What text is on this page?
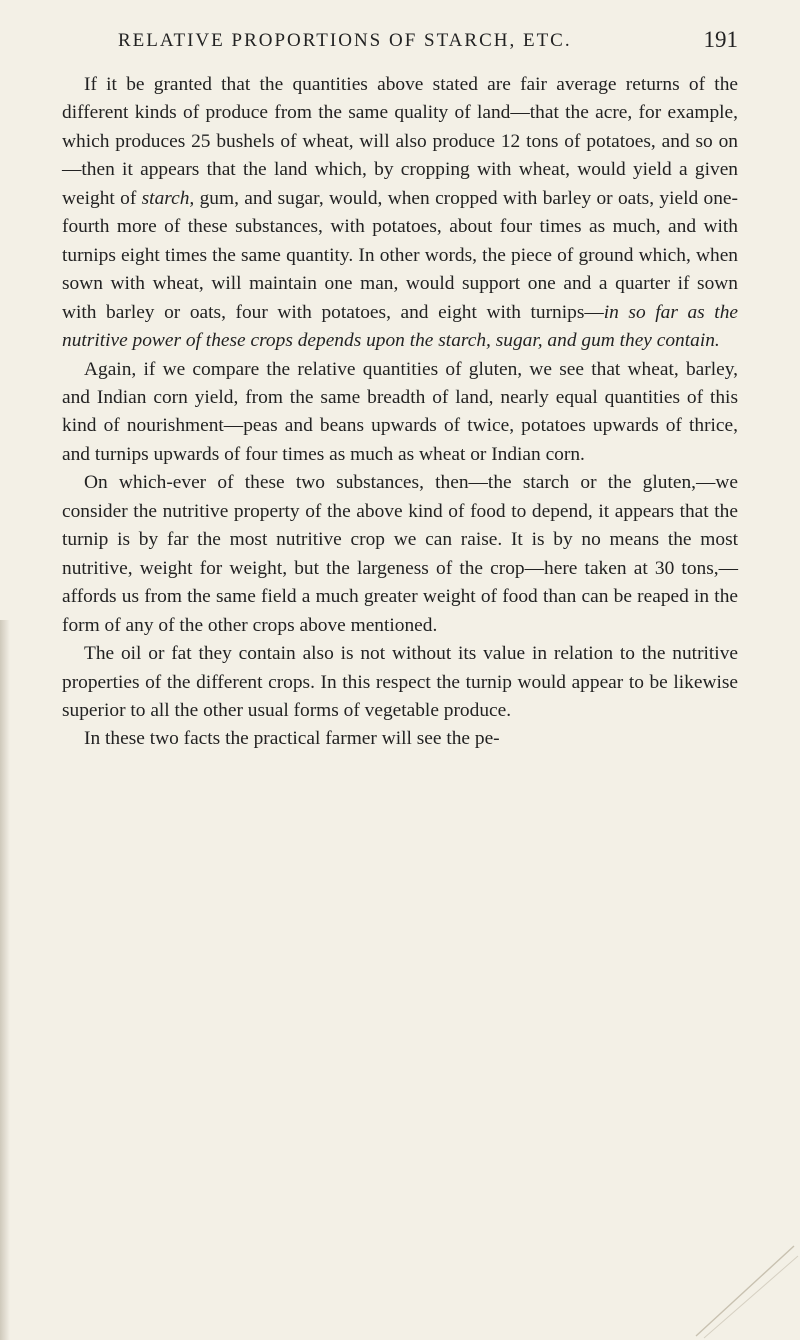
RELATIVE PROPORTIONS OF STARCH, ETC.	191

If it be granted that the quantities above stated are fair average returns of the different kinds of produce from the same quality of land—that the acre, for example, which produces 25 bushels of wheat, will also produce 12 tons of potatoes, and so on—then it appears that the land which, by cropping with wheat, would yield a given weight of starch, gum, and sugar, would, when cropped with barley or oats, yield one-fourth more of these substances, with potatoes, about four times as much, and with turnips eight times the same quantity. In other words, the piece of ground which, when sown with wheat, will maintain one man, would support one and a quarter if sown with barley or oats, four with potatoes, and eight with turnips—in so far as the nutritive power of these crops depends upon the starch, sugar, and gum they contain.

Again, if we compare the relative quantities of gluten, we see that wheat, barley, and Indian corn yield, from the same breadth of land, nearly equal quantities of this kind of nourishment—peas and beans upwards of twice, potatoes upwards of thrice, and turnips upwards of four times as much as wheat or Indian corn.

On which-ever of these two substances, then—the starch or the gluten,—we consider the nutritive property of the above kind of food to depend, it appears that the turnip is by far the most nutritive crop we can raise. It is by no means the most nutritive, weight for weight, but the largeness of the crop—here taken at 30 tons,—affords us from the same field a much greater weight of food than can be reaped in the form of any of the other crops above mentioned.

The oil or fat they contain also is not without its value in relation to the nutritive properties of the different crops. In this respect the turnip would appear to be likewise superior to all the other usual forms of vegetable produce.

In these two facts the practical farmer will see the pe-
